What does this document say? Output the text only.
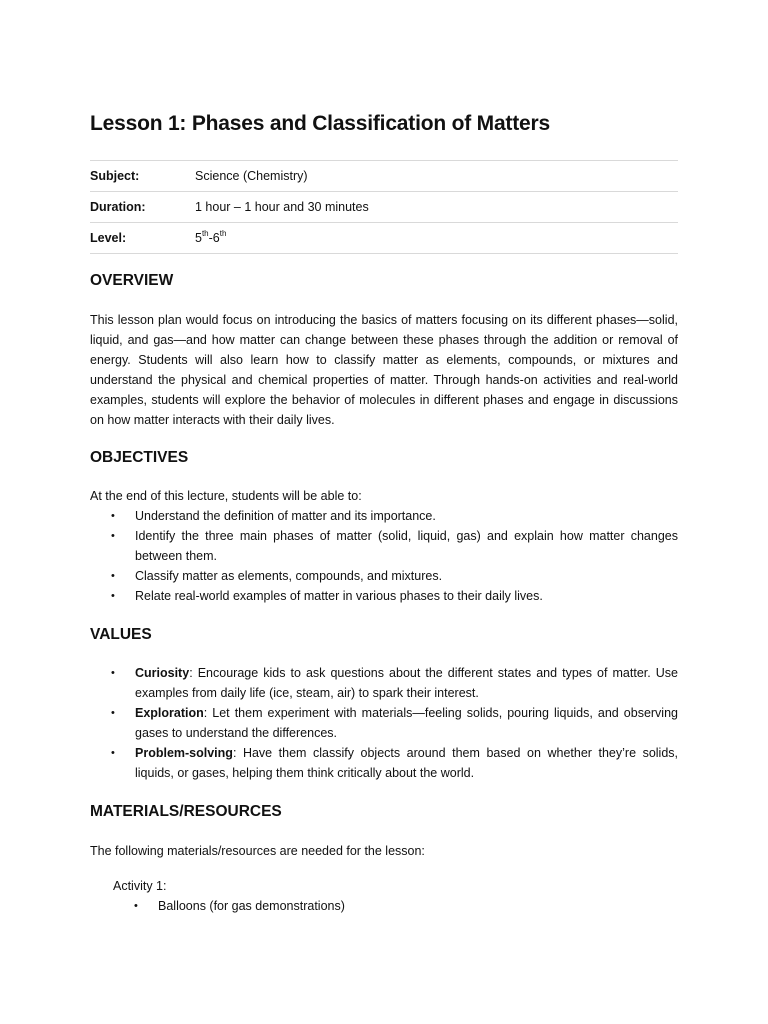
Lesson 1: Phases and Classification of Matters
Subject:	Science (Chemistry)
Duration:	1 hour – 1 hour and 30 minutes
Level:	5th-6th
OVERVIEW

This lesson plan would focus on introducing the basics of matters focusing on its different phases—solid, liquid, and gas—and how matter can change between these phases through the addition or removal of energy. Students will also learn how to classify matter as elements, compounds, or mixtures and understand the physical and chemical properties of matter. Through hands-on activities and real-world examples, students will explore the behavior of molecules in different phases and engage in discussions on how matter interacts with their daily lives.

OBJECTIVES

At the end of this lecture, students will be able to:

• Understand the definition of matter and its importance.
• Identify the three main phases of matter (solid, liquid, gas) and explain how matter changes between them.
• Classify matter as elements, compounds, and mixtures.
• Relate real-world examples of matter in various phases to their daily lives.
VALUES
• Curiosity: Encourage kids to ask questions about the different states and types of matter. Use examples from daily life (ice, steam, air) to spark their interest.
• Exploration: Let them experiment with materials—feeling solids, pouring liquids, and observing gases to understand the differences.
• Problem-solving: Have them classify objects around them based on whether they’re solids, liquids, or gases, helping them think critically about the world.
MATERIALS/RESOURCES

The following materials/resources are needed for the lesson:

Activity 1:

• Balloons (for gas demonstrations)
